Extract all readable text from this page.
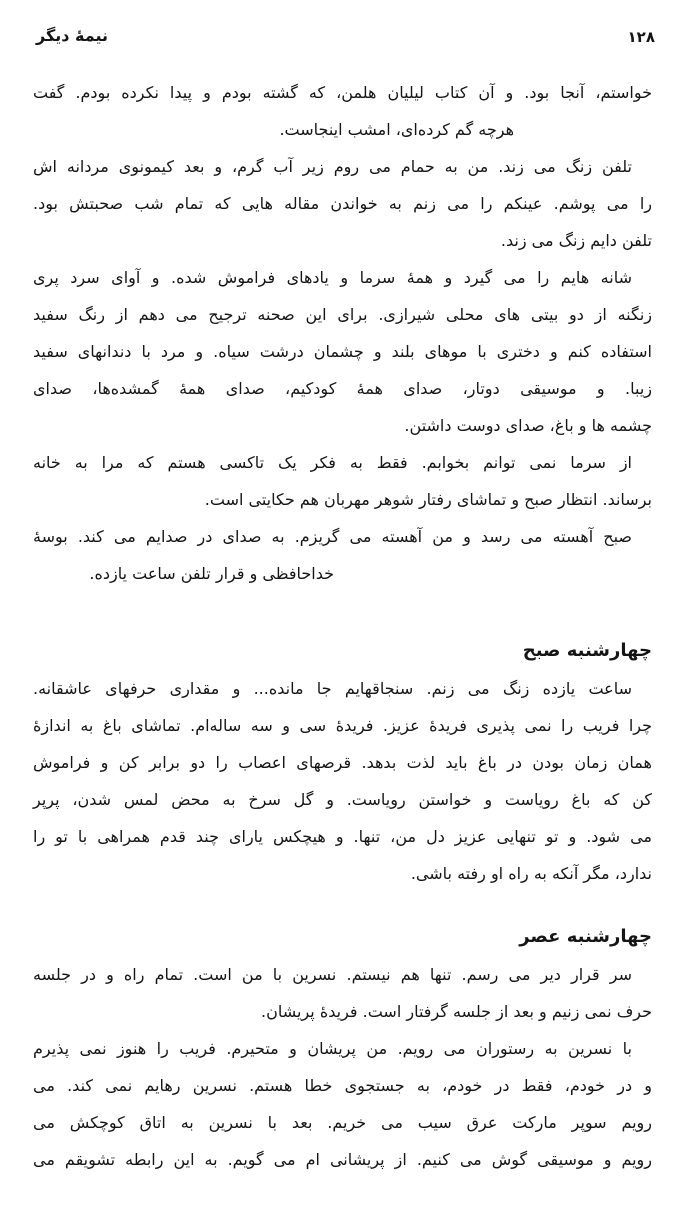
نیمهٔ دیگر	۱۲۸
خواستم، آنجا بود. و آن کتاب لیلیان هلمن، که گشته بودم و پیدا نکرده بودم. گفت
هرچه گم کرده‌ای، امشب اینجاست.
تلفن زنگ می زند. من به حمام می روم زیر آب گرم، و بعد کیمونوی مردانه اش
را می پوشم. عینکم را می زنم به خواندن مقاله هایی که تمام شب صحبتش بود.
تلفن دایم زنگ می زند.
شانه هایم را می گیرد و همهٔ سرما و یادهای فراموش شده. و آوای سرد پری
زنگنه از دو بیتی های محلی شیرازی. برای این صحنه ترجیح می دهم از رنگ سفید
استفاده کنم و دختری با موهای بلند و چشمان درشت سیاه. و مرد با دندانهای سفید
زیبا. و موسیقی دوتار، صدای همهٔ کودکیم، صدای همهٔ گمشده‌ها، صدای
چشمه ها و باغ، صدای دوست داشتن.
از سرما نمی توانم بخوابم. فقط به فکر یک تاکسی هستم که مرا به خانه
برساند. انتظار صبح و تماشای رفتار شوهر مهربان هم حکایتی است.
صبح آهسته می رسد و من آهسته می گریزم. به صدای در صدایم می کند. بوسهٔ
خداحافظی و قرار تلفن ساعت یازده.
چهارشنبه صبح
ساعت یازده زنگ می زنم. سنجاقهایم جا مانده... و مقداری حرفهای عاشقانه.
چرا فریب را نمی پذیری فریدهٔ عزیز. فریدهٔ سی و سه ساله‌ام. تماشای باغ به اندازهٔ
همان زمان بودن در باغ باید لذت بدهد. قرصهای اعصاب را دو برابر کن و فراموش
کن که باغ رویاست و خواستن رویاست. و گل سرخ به محض لمس شدن، پرپر
می شود. و تو تنهایی عزیز دل من، تنها. و هیچکس یارای چند قدم همراهی با تو را
ندارد، مگر آنکه به راه او رفته باشی.
چهارشنبه عصر
سر قرار دیر می رسم. تنها هم نیستم. نسرین با من است. تمام راه و در جلسه
حرف نمی زنیم و بعد از جلسه گرفتار است. فریدهٔ پریشان.
با نسرین به رستوران می رویم. من پریشان و متحیرم. فریب را هنوز نمی پذیرم
و در خودم، فقط در خودم، به جستجوی خطا هستم. نسرین رهایم نمی کند. می
رویم سوپر مارکت عرق سیب می خریم. بعد با نسرین به اتاق کوچکش می
رویم و موسیقی گوش می کنیم. از پریشانی ام می گویم. به این رابطه تشویقم می
